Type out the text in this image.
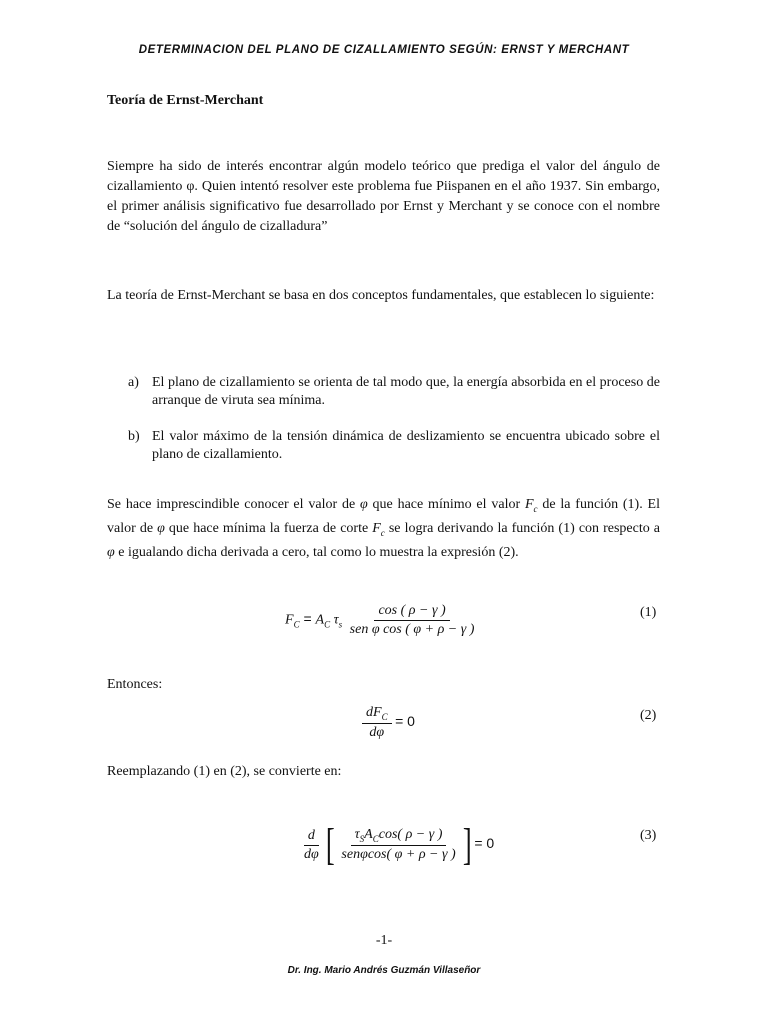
DETERMINACION DEL PLANO DE CIZALLAMIENTO SEGÚN: ERNST Y MERCHANT
Teoría de Ernst-Merchant
Siempre ha sido de interés encontrar algún modelo teórico que prediga el valor del ángulo de cizallamiento φ. Quien intentó resolver este problema fue Piispanen en el año 1937. Sin embargo, el primer análisis significativo fue desarrollado por Ernst y Merchant y se conoce con el nombre de “solución del ángulo de cizalladura”
La teoría de Ernst-Merchant se basa en dos conceptos fundamentales, que establecen lo siguiente:
a) El plano de cizallamiento se orienta de tal modo que, la energía absorbida en el proceso de arranque de viruta sea mínima.
b) El valor máximo de la tensión dinámica de deslizamiento se encuentra ubicado sobre el plano de cizallamiento.
Se hace imprescindible conocer el valor de φ que hace mínimo el valor $F_c$ de la función (1). El valor de φ que hace mínima la fuerza de corte $F_c$ se logra derivando la función (1) con respecto a φ e igualando dicha derivada a cero, tal como lo muestra la expresión (2).
$F_C = A_C$ $\tau_s \frac{\cos ( \rho - \gamma )}{\text{sen φ cos ( φ + ρ − γ )}}$	(1)
Entonces:
$\frac{dF_C}{d\varphi} = 0$	(2)
Reemplazando (1) en (2), se convierte en:
$\frac{d}{d\varphi}$ [ $\frac{\tau_SA_C\cos( \rho - \gamma )}{\text{senφcos( φ + ρ − γ )}}$ ] = 0	(3)
-1-
Dr. Ing. Mario Andrés Guzmán Villaseñor
